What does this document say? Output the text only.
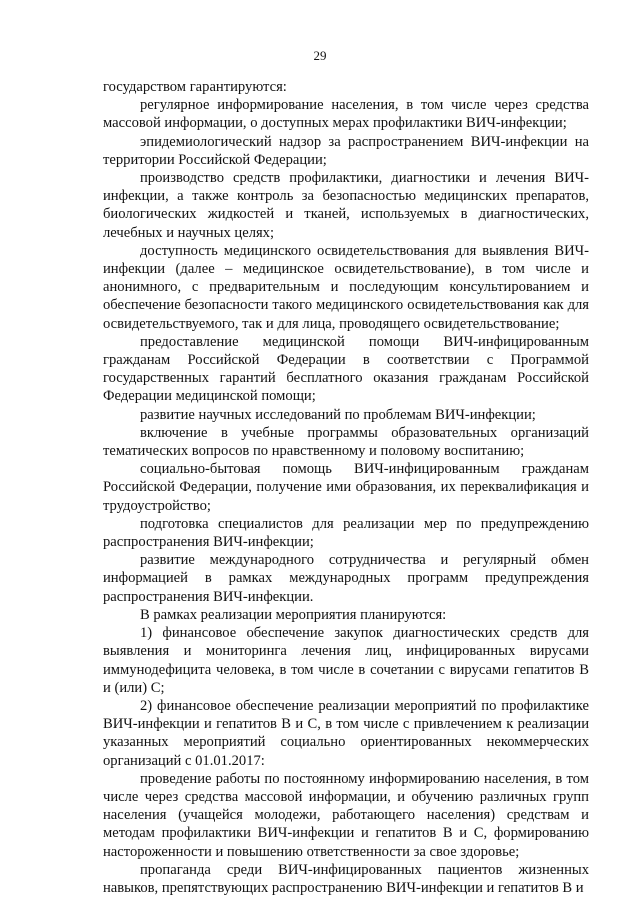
29

государством гарантируются:

регулярное информирование населения, в том числе через средства массовой информации, о доступных мерах профилактики ВИЧ-инфекции;

эпидемиологический надзор за распространением ВИЧ-инфекции на территории Российской Федерации;

производство средств профилактики, диагностики и лечения ВИЧ-инфекции, а также контроль за безопасностью медицинских препаратов, биологических жидкостей и тканей, используемых в диагностических, лечебных и научных целях;

доступность медицинского освидетельствования для выявления ВИЧ-инфекции (далее – медицинское освидетельствование), в том числе и анонимного, с предварительным и последующим консультированием и обеспечение безопасности такого медицинского освидетельствования как для освидетельствуемого, так и для лица, проводящего освидетельствование;

предоставление медицинской помощи ВИЧ-инфицированным гражданам Российской Федерации в соответствии с Программой государственных гарантий бесплатного оказания гражданам Российской Федерации медицинской помощи;

развитие научных исследований по проблемам ВИЧ-инфекции;

включение в учебные программы образовательных организаций тематических вопросов по нравственному и половому воспитанию;

социально-бытовая помощь ВИЧ-инфицированным гражданам Российской Федерации, получение ими образования, их переквалификация и трудоустройство;

подготовка специалистов для реализации мер по предупреждению распространения ВИЧ-инфекции;

развитие международного сотрудничества и регулярный обмен информацией в рамках международных программ предупреждения распространения ВИЧ-инфекции.

В рамках реализации мероприятия планируются:

1) финансовое обеспечение закупок диагностических средств для выявления и мониторинга лечения лиц, инфицированных вирусами иммунодефицита человека, в том числе в сочетании с вирусами гепатитов В и (или) С;

2) финансовое обеспечение реализации мероприятий по профилактике ВИЧ-инфекции и гепатитов В и С, в том числе с привлечением к реализации указанных мероприятий социально ориентированных некоммерческих организаций с 01.01.2017:

проведение работы по постоянному информированию населения, в том числе через средства массовой информации, и обучению различных групп населения (учащейся молодежи, работающего населения) средствам и методам профилактики ВИЧ-инфекции и гепатитов В и С, формированию настороженности и повышению ответственности за свое здоровье;

пропаганда среди ВИЧ-инфицированных пациентов жизненных навыков, препятствующих распространению ВИЧ-инфекции и гепатитов В и
